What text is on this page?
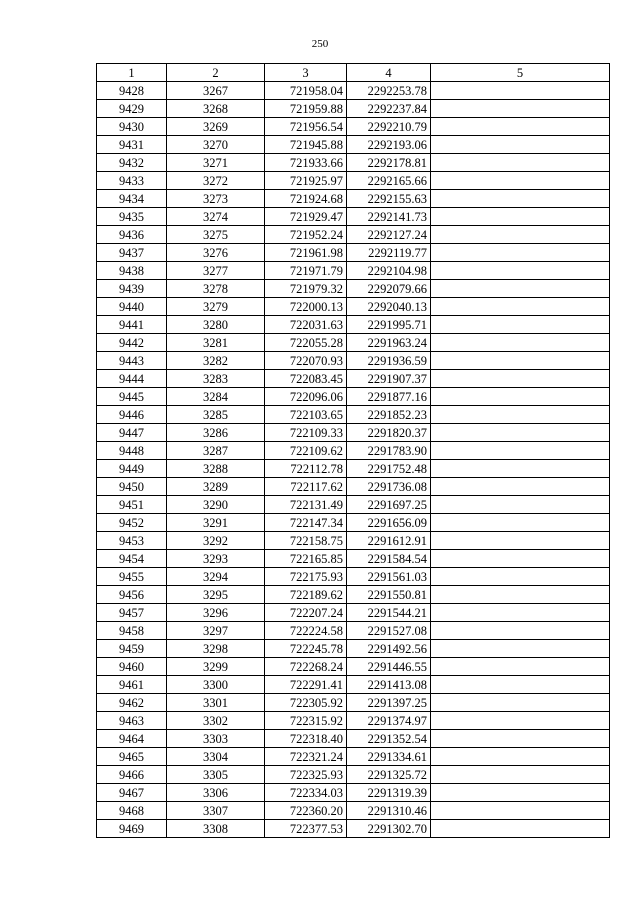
250
1	2	3	4	5
9428	3267	721958.04	2292253.78	
9429	3268	721959.88	2292237.84	
9430	3269	721956.54	2292210.79	
9431	3270	721945.88	2292193.06	
9432	3271	721933.66	2292178.81	
9433	3272	721925.97	2292165.66	
9434	3273	721924.68	2292155.63	
9435	3274	721929.47	2292141.73	
9436	3275	721952.24	2292127.24	
9437	3276	721961.98	2292119.77	
9438	3277	721971.79	2292104.98	
9439	3278	721979.32	2292079.66	
9440	3279	722000.13	2292040.13	
9441	3280	722031.63	2291995.71	
9442	3281	722055.28	2291963.24	
9443	3282	722070.93	2291936.59	
9444	3283	722083.45	2291907.37	
9445	3284	722096.06	2291877.16	
9446	3285	722103.65	2291852.23	
9447	3286	722109.33	2291820.37	
9448	3287	722109.62	2291783.90	
9449	3288	722112.78	2291752.48	
9450	3289	722117.62	2291736.08	
9451	3290	722131.49	2291697.25	
9452	3291	722147.34	2291656.09	
9453	3292	722158.75	2291612.91	
9454	3293	722165.85	2291584.54	
9455	3294	722175.93	2291561.03	
9456	3295	722189.62	2291550.81	
9457	3296	722207.24	2291544.21	
9458	3297	722224.58	2291527.08	
9459	3298	722245.78	2291492.56	
9460	3299	722268.24	2291446.55	
9461	3300	722291.41	2291413.08	
9462	3301	722305.92	2291397.25	
9463	3302	722315.92	2291374.97	
9464	3303	722318.40	2291352.54	
9465	3304	722321.24	2291334.61	
9466	3305	722325.93	2291325.72	
9467	3306	722334.03	2291319.39	
9468	3307	722360.20	2291310.46	
9469	3308	722377.53	2291302.70	
